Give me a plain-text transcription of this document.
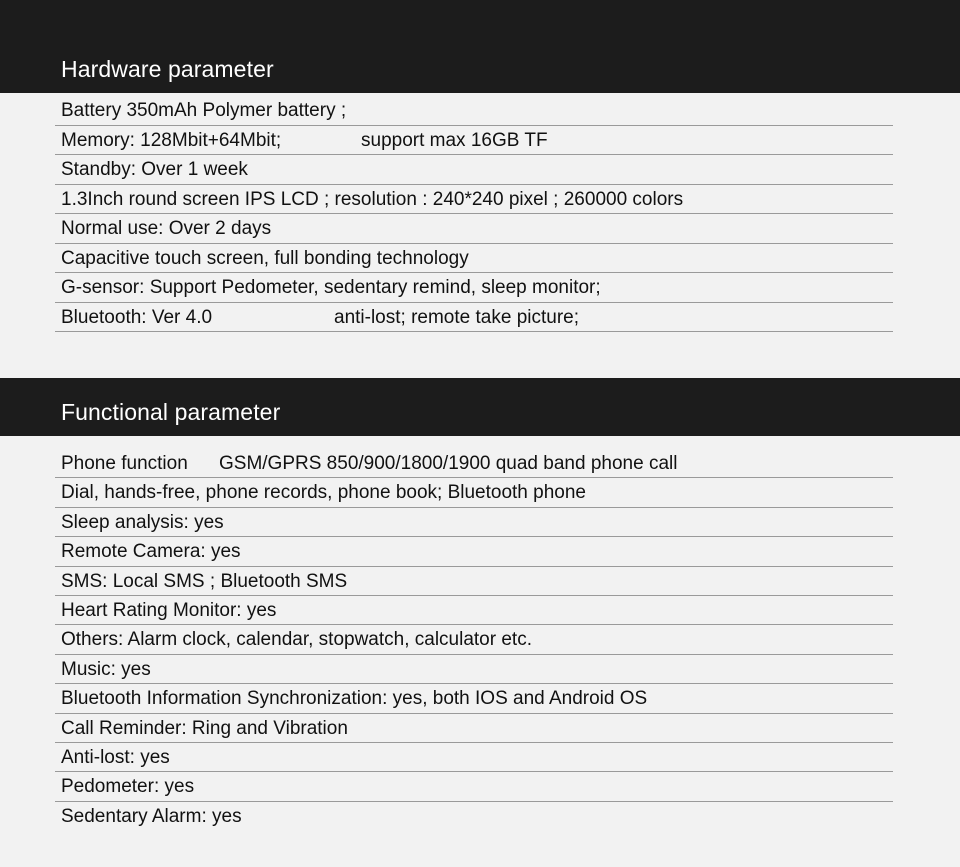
Hardware parameter
Battery 350mAh Polymer battery ;
Memory: 128Mbit+64Mbit;	support max 16GB TF
Standby: Over 1 week
1.3Inch round screen IPS LCD ; resolution : 240*240 pixel ; 260000 colors
Normal use: Over 2 days
Capacitive touch screen, full bonding technology
G-sensor: Support Pedometer, sedentary remind, sleep monitor;
Bluetooth: Ver 4.0	anti-lost; remote take picture;
Functional parameter
Phone function GSM/GPRS 850/900/1800/1900 quad band phone call
Dial, hands-free, phone records, phone book; Bluetooth phone
Sleep analysis: yes
Remote Camera: yes
SMS: Local SMS ; Bluetooth SMS
Heart Rating Monitor: yes
Others: Alarm clock, calendar, stopwatch, calculator etc.
Music: yes
Bluetooth Information Synchronization: yes, both IOS and Android OS
Call Reminder: Ring and Vibration
Anti-lost: yes
Pedometer: yes
Sedentary Alarm: yes
